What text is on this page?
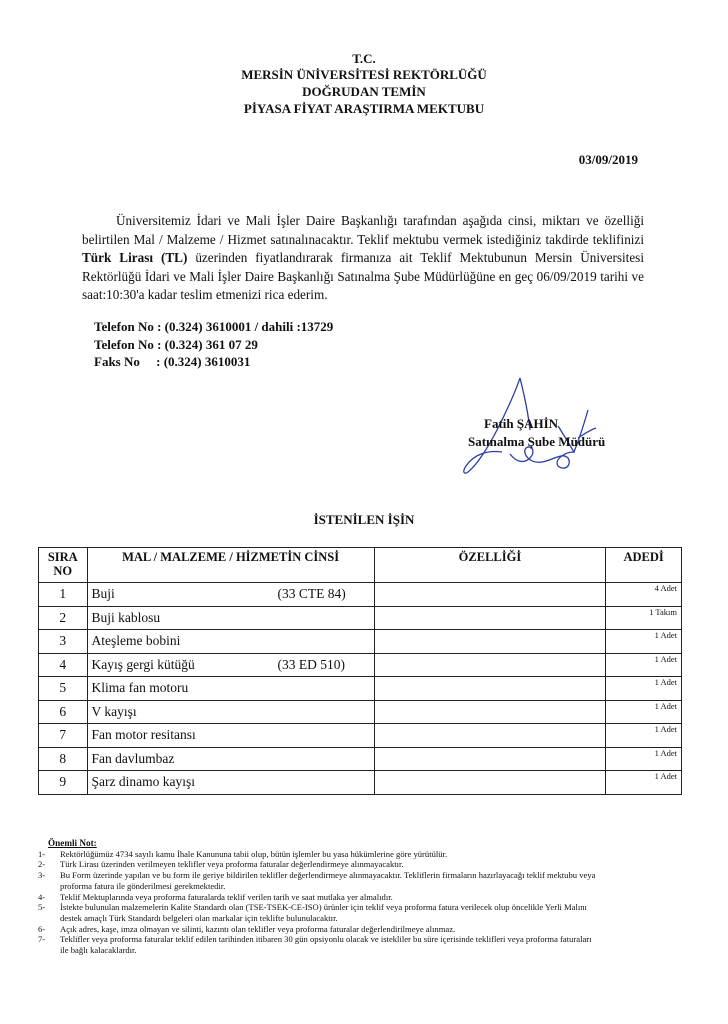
T.C.
MERSİN ÜNİVERSİTESİ REKTÖRLÜĞÜ
DOĞRUDAN TEMİN
PİYASA FİYAT ARAŞTIRMA MEKTUBU
03/09/2019

Üniversitemiz İdari ve Mali İşler Daire Başkanlığı tarafından aşağıda cinsi, miktarı ve özelliği belirtilen Mal / Malzeme / Hizmet satınalınacaktır. Teklif mektubu vermek istediğiniz takdirde teklifinizi Türk Lirası (TL) üzerinden fiyatlandırarak firmanıza ait Teklif Mektubunun Mersin Üniversitesi Rektörlüğü İdari ve Mali İşler Daire Başkanlığı Satınalma Şube Müdürlüğüne en geç 06/09/2019 tarihi ve saat:10:30'a kadar teslim etmenizi rica ederim.

Telefon No : (0.324) 3610001 / dahili :13729
Telefon No : (0.324) 361 07 29
Faks No     : (0.324) 3610031
Fatih ŞAHİN
Satınalma Şube Müdürü
İSTENİLEN İŞİN
SIRA NO	MAL / MALZEME / HİZMETİN CİNSİ	ÖZELLİĞİ	ADEDİ
1	Buji (33 CTE 84)		4 Adet
2	Buji kablosu		1 Takım
3	Ateşleme bobini		1 Adet
4	Kayış gergi kütüğü (33 ED 510)		1 Adet
5	Klima fan motoru		1 Adet
6	V kayışı		1 Adet
7	Fan motor resitansı		1 Adet
8	Fan davlumbaz		1 Adet
9	Şarz dinamo kayışı		1 Adet
Önemli Not:
1- Rektörlüğümüz 4734 sayılı kamu İhale Kanununa tabii olup, bütün işlemler bu yasa hükümlerine göre yürütülür.
2- Türk Lirası üzerinden verilmeyen teklifler veya proforma faturalar değerlendirmeye alınmayacaktır.
3- Bu Form üzerinde yapılan ve bu form ile geriye bildirilen teklifler değerlendirmeye alınmayacaktır. Tekliflerin firmaların hazırlayacağı teklif mektubu veya proforma fatura ile gönderilmesi gerekmektedir.
4- Teklif Mektuplarında veya proforma faturalarda teklif verilen tarih ve saat mutlaka yer almalıdır.
5- İstekte bulunulan malzemelerin Kalite Standardı olan (TSE-TSEK-CE-ISO) ürünler için teklif veya proforma fatura verilecek olup öncelikle Yerli Malını destek amaçlı Türk Standardı belgeleri olan markalar için teklifte bulunulacaktır.
6- Açık adres, kaşe, imza olmayan ve silinti, kazıntı olan teklifler veya proforma faturalar değerlendirilmeye alınmaz.
7- Teklifler veya proforma faturalar teklif edilen tarihinden itibaren 30 gün opsiyonlu olacak ve istekliler bu süre içerisinde teklifleri veya proforma faturaları ile bağlı kalacaklardır.
